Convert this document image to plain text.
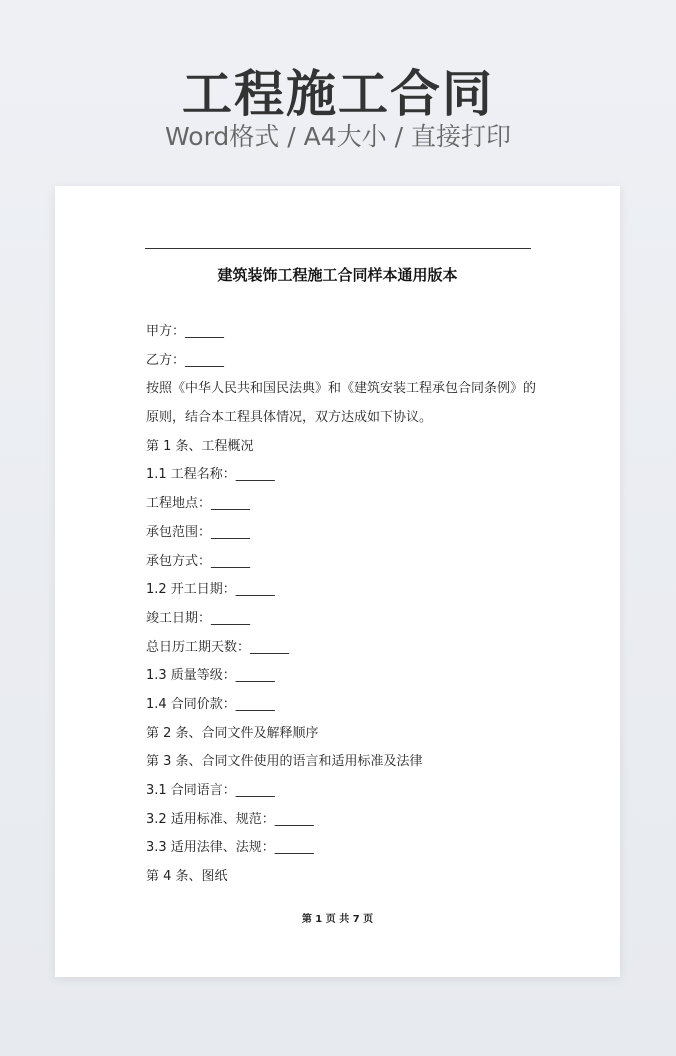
工程施工合同
Word格式 / A4大小 / 直接打印
建筑装饰工程施工合同样本通用版本
甲方：______
乙方：______
按照《中华人民共和国民法典》和《建筑安装工程承包合同条例》的
原则，结合本工程具体情况，双方达成如下协议。
第 1 条、工程概况
1.1 工程名称：______
工程地点：______
承包范围：______
承包方式：______
1.2 开工日期：______
竣工日期：______
总日历工期天数：______
1.3 质量等级：______
1.4 合同价款：______
第 2 条、合同文件及解释顺序
第 3 条、合同文件使用的语言和适用标准及法律
3.1 合同语言：______
3.2 适用标准、规范：______
3.3 适用法律、法规：______
第 4 条、图纸
第 1 页 共 7 页
